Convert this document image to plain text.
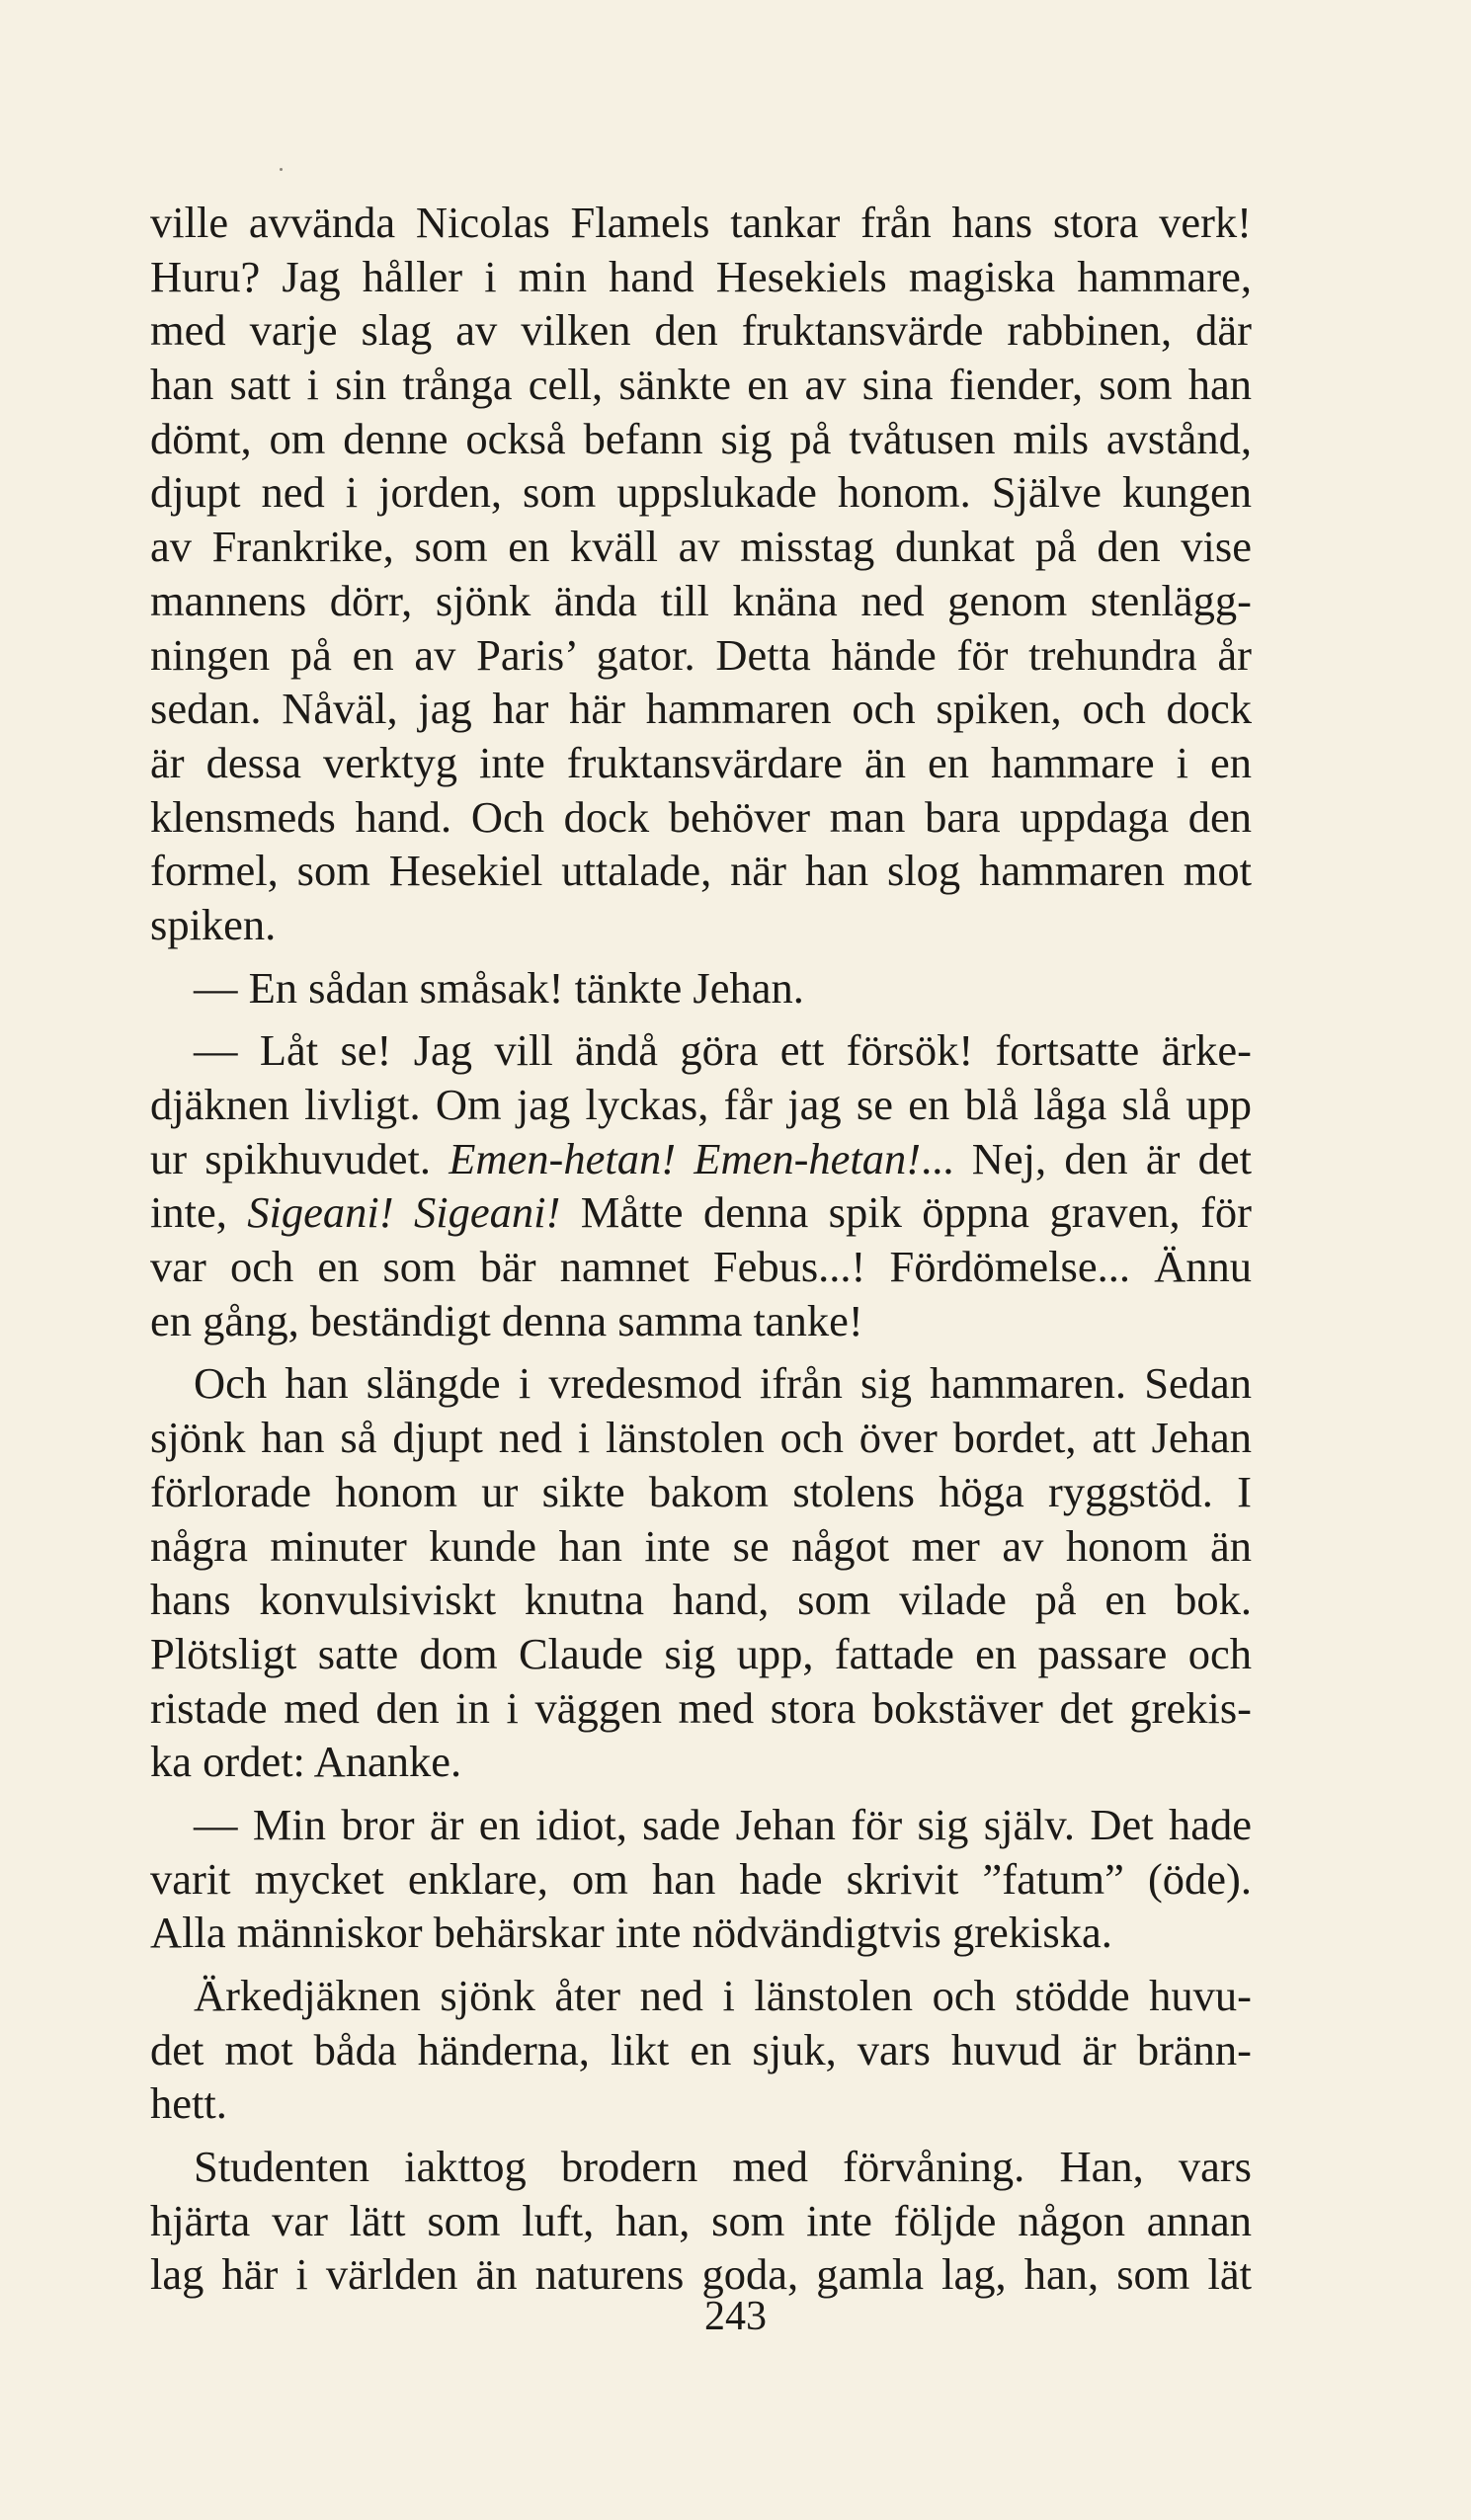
ville avvända Nicolas Flamels tankar från hans stora verk!
Huru? Jag håller i min hand Hesekiels magiska hammare,
med varje slag av vilken den fruktansvärde rabbinen, där
han satt i sin trånga cell, sänkte en av sina fiender, som han
dömt, om denne också befann sig på tvåtusen mils avstånd,
djupt ned i jorden, som uppslukade honom. Själve kungen
av Frankrike, som en kväll av misstag dunkat på den vise
mannens dörr, sjönk ända till knäna ned genom stenlägg-
ningen på en av Paris’ gator. Detta hände för trehundra år
sedan. Nåväl, jag har här hammaren och spiken, och dock
är dessa verktyg inte fruktansvärdare än en hammare i en
klensmeds hand. Och dock behöver man bara uppdaga den
formel, som Hesekiel uttalade, när han slog hammaren mot
spiken.
— En sådan småsak! tänkte Jehan.
— Låt se! Jag vill ändå göra ett försök! fortsatte ärke-
djäknen livligt. Om jag lyckas, får jag se en blå låga slå upp
ur spikhuvudet. Emen-hetan! Emen-hetan!... Nej, den är det
inte, Sigeani! Sigeani! Måtte denna spik öppna graven, för
var och en som bär namnet Febus...! Fördömelse... Ännu
en gång, beständigt denna samma tanke!
Och han slängde i vredesmod ifrån sig hammaren. Sedan
sjönk han så djupt ned i länstolen och över bordet, att Jehan
förlorade honom ur sikte bakom stolens höga ryggstöd. I
några minuter kunde han inte se något mer av honom än
hans konvulsiviskt knutna hand, som vilade på en bok.
Plötsligt satte dom Claude sig upp, fattade en passare och
ristade med den in i väggen med stora bokstäver det grekis-
ka ordet: Ananke.
— Min bror är en idiot, sade Jehan för sig själv. Det hade
varit mycket enklare, om han hade skrivit ”fatum” (öde).
Alla människor behärskar inte nödvändigtvis grekiska.
Ärkedjäknen sjönk åter ned i länstolen och stödde huvu-
det mot båda händerna, likt en sjuk, vars huvud är bränn-
hett.
Studenten iakttog brodern med förvåning. Han, vars
hjärta var lätt som luft, han, som inte följde någon annan
lag här i världen än naturens goda, gamla lag, han, som lät
243
